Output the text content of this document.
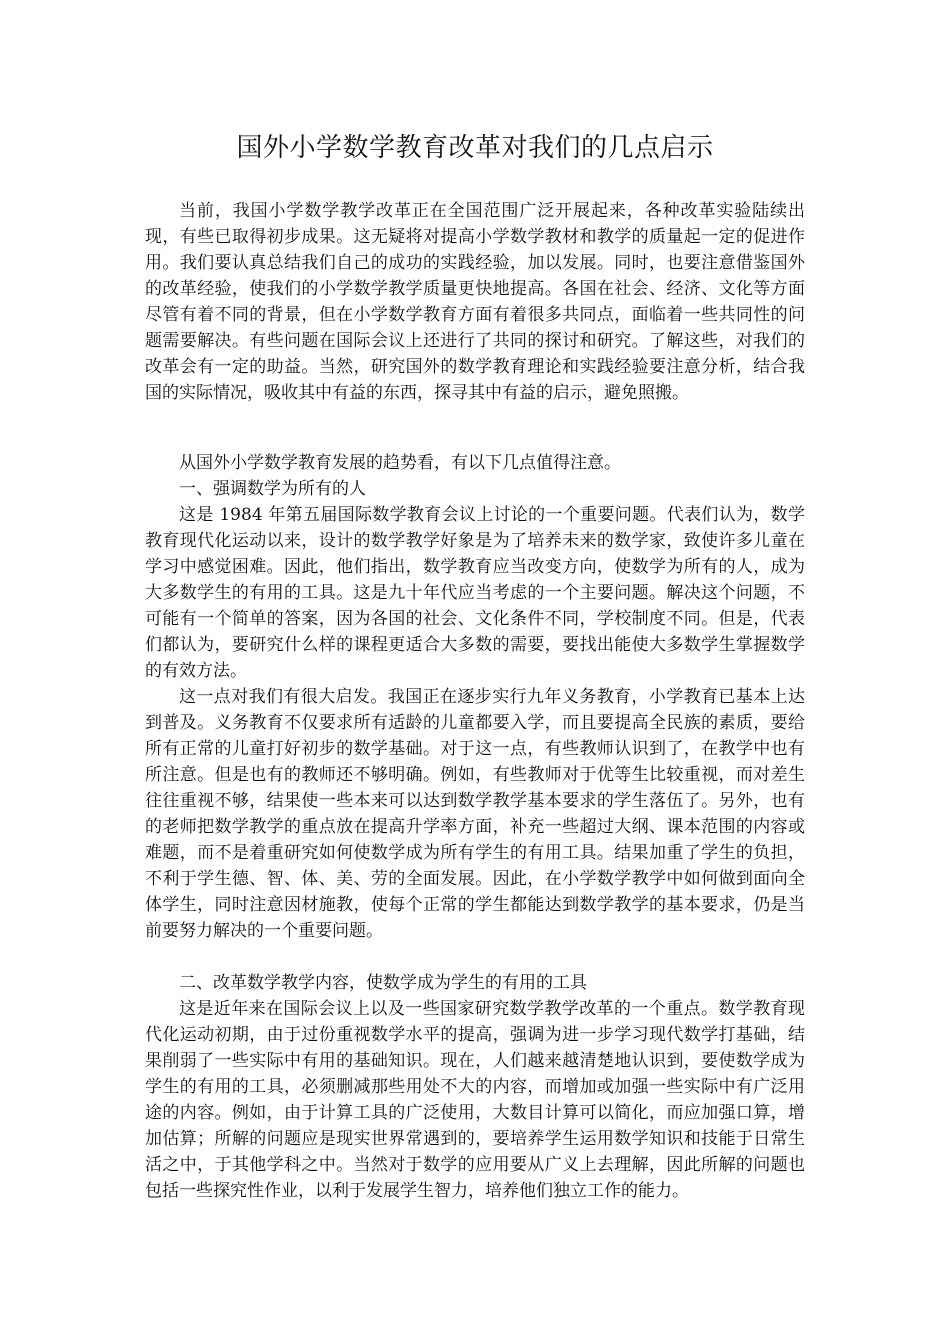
国外小学数学教育改革对我们的几点启示

当前，我国小学数学教学改革正在全国范围广泛开展起来，各种改革实验陆续出现，有些已取得初步成果。这无疑将对提高小学数学教材和教学的质量起一定的促进作用。我们要认真总结我们自己的成功的实践经验，加以发展。同时，也要注意借鉴国外的改革经验，使我们的小学数学教学质量更快地提高。各国在社会、经济、文化等方面尽管有着不同的背景，但在小学数学教育方面有着很多共同点，面临着一些共同性的问题需要解决。有些问题在国际会议上还进行了共同的探讨和研究。了解这些，对我们的改革会有一定的助益。当然，研究国外的数学教育理论和实践经验要注意分析，结合我国的实际情况，吸收其中有益的东西，探寻其中有益的启示，避免照搬。

从国外小学数学教育发展的趋势看，有以下几点值得注意。

一、强调数学为所有的人

这是 1984 年第五届国际数学教育会议上讨论的一个重要问题。代表们认为，数学教育现代化运动以来，设计的数学教学好象是为了培养未来的数学家，致使许多儿童在学习中感觉困难。因此，他们指出，数学教育应当改变方向，使数学为所有的人，成为大多数学生的有用的工具。这是九十年代应当考虑的一个主要问题。解决这个问题，不可能有一个简单的答案，因为各国的社会、文化条件不同，学校制度不同。但是，代表们都认为，要研究什么样的课程更适合大多数的需要，要找出能使大多数学生掌握数学的有效方法。

这一点对我们有很大启发。我国正在逐步实行九年义务教育，小学教育已基本上达到普及。义务教育不仅要求所有适龄的儿童都要入学，而且要提高全民族的素质，要给所有正常的儿童打好初步的数学基础。对于这一点，有些教师认识到了，在教学中也有所注意。但是也有的教师还不够明确。例如，有些教师对于优等生比较重视，而对差生往往重视不够，结果使一些本来可以达到数学教学基本要求的学生落伍了。另外，也有的老师把数学教学的重点放在提高升学率方面，补充一些超过大纲、课本范围的内容或难题，而不是着重研究如何使数学成为所有学生的有用工具。结果加重了学生的负担，不利于学生德、智、体、美、劳的全面发展。因此，在小学数学教学中如何做到面向全体学生，同时注意因材施教，使每个正常的学生都能达到数学教学的基本要求，仍是当前要努力解决的一个重要问题。

二、改革数学教学内容，使数学成为学生的有用的工具

这是近年来在国际会议上以及一些国家研究数学教学改革的一个重点。数学教育现代化运动初期，由于过份重视数学水平的提高，强调为进一步学习现代数学打基础，结果削弱了一些实际中有用的基础知识。现在，人们越来越清楚地认识到，要使数学成为学生的有用的工具，必须删减那些用处不大的内容，而增加或加强一些实际中有广泛用途的内容。例如，由于计算工具的广泛使用，大数目计算可以简化，而应加强口算，增加估算；所解的问题应是现实世界常遇到的，要培养学生运用数学知识和技能于日常生活之中，于其他学科之中。当然对于数学的应用要从广义上去理解，因此所解的问题也包括一些探究性作业，以利于发展学生智力，培养他们独立工作的能力。
